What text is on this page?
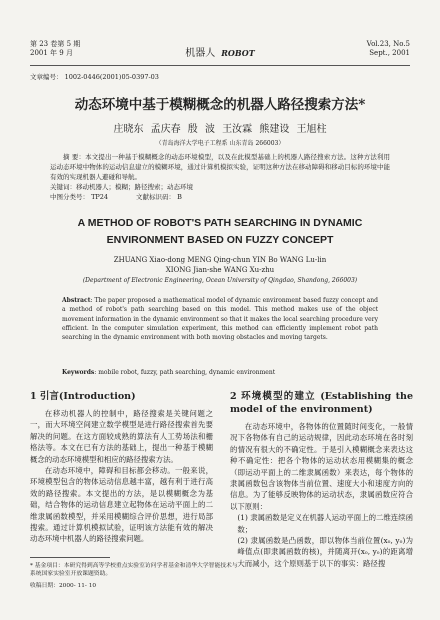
第 23 卷第 5 期
2001 年 9 月	机器人 ROBOT
Vol.23, No.5
Sept., 2001
文章编号： 1002-0446(2001)05-0397-03
动态环境中基于模糊概念的机器人路径搜索方法*
庄晓东 孟庆春 殷 波 王汝霖 熊建设 王旭柱
（青岛海洋大学电子工程系 山东青岛 266003）
摘 要：本文提出一种基于模糊概念的动态环境模型，以及在此模型基础上的机器人路径搜索方法。这种方法利用运动态环境中物体的运动信息建立的模糊环境，通过计算机模拟实验，证明这种方法在移动障碍和移动目标的环境中能有效的实现机器人避碰和导航。
关键词：移动机器人；模糊；路径搜索；动态环境
中图分类号： TP24	文献标识码： B
A METHOD OF ROBOT'S PATH SEARCHING IN DYNAMIC ENVIRONMENT BASED ON FUZZY CONCEPT
ZHUANG Xiao-dong MENG Qing-chun YIN Bo WANG Lu-lin
XIONG Jian-she WANG Xu-zhu
(Department of Electronic Engineering, Ocean University of Qingdao, Shandong, 266003)
Abstract: The paper proposed a mathematical model of dynamic environment based fuzzy concept and a method of robot's path searching based on this model. This method makes use of the object movement information in the dynamic environment so that it makes the local searching procedure very efficient. In the computer simulation experiment, this method can efficiently implement robot path searching in the dynamic environment with both moving obstacles and moving targets.
Keywords: mobile robot, fuzzy, path searching, dynamic environment
1 引言(Introduction)

在移动机器人的控制中，路径搜索是关键问题之一，而大环境空间建立数学模型是进行路径搜索首先要解决的问题。在这方面较成熟的算法有人工势场法和栅格法等。本文在已有方法的基础上，提出一种基于模糊概念的动态环境模型和相应的路径搜索方法。

在动态环境中，障碍和目标都会移动。一般来说，环境模型包含的物体运动信息越丰富，越有利于进行高效的路径搜索。本文提出的方法，是以模糊概念为基础，结合物体的运动信息建立起物体在运动平面上的二维隶属函数模型，并采用模糊综合评价思想，进行局部搜索。通过计算机模拟试验，证明该方法能有效的解决动态环境中机器人的路径搜索问题。

2 环境模型的建立 (Establishing the model of the environment)

在动态环境中，各物体的位置随时间变化，一般情况下各物体有自己的运动规律，因此动态环境在各时刻的情况有很大的不确定性。于是引入模糊概念来表达这种不确定性：把各个物体的运动状态用模糊集的概念（即运动平面上的二维隶属函数）来表达，每个物体的隶属函数包含该物体当前位置、速度大小和速度方向的信息。为了能够反映物体的运动状态，隶属函数应符合以下原则：

(1) 隶属函数是定义在机器人运动平面上的二维连续函数；

(2) 隶属函数是凸函数，即以物体当前位置(xₒ, yₒ)为峰值点(即隶属函数的核)，并随离开(xₒ, yₒ)的距离增大而减小，这个原则基于以下的事实：路径搜

* 基金项目：本研究得到高等学校重点实验室访问学者基金和清华大学智能技术与系统国家实验室开放课题资助。
收稿日期：2000- 11- 10
